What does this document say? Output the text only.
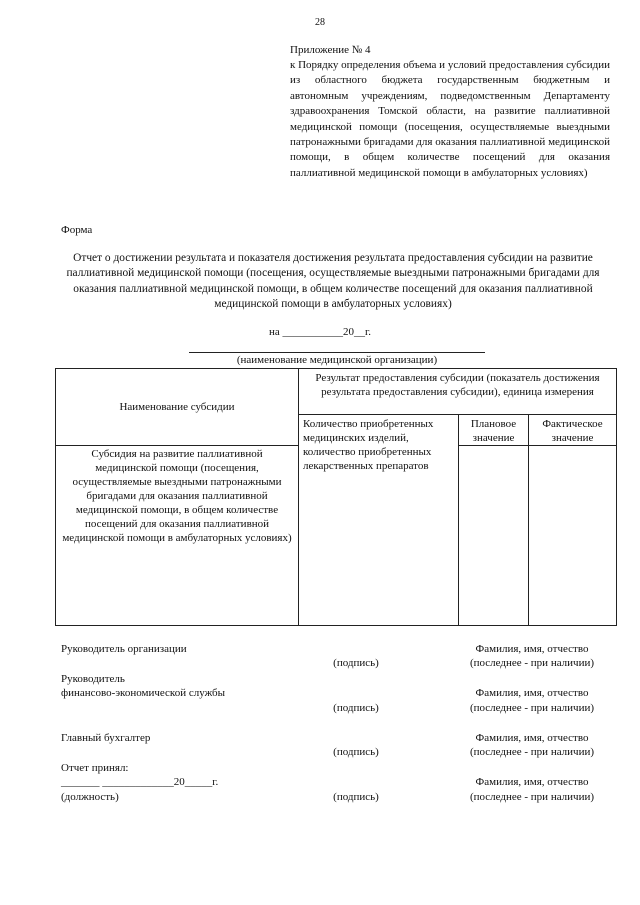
28
Приложение № 4
к Порядку определения объема и условий предоставления субсидии из областного бюджета государственным бюджетным и автономным учреждениям, подведомственным Департаменту здравоохранения Томской области, на развитие паллиативной медицинской помощи (посещения, осуществляемые выездными патронажными бригадами для оказания паллиативной медицинской помощи, в общем количестве посещений для оказания паллиативной медицинской помощи в амбулаторных условиях)
Форма
Отчет о достижении результата и показателя достижения результата предоставления субсидии на развитие паллиативной медицинской помощи (посещения, осуществляемые выездными патронажными бригадами для оказания паллиативной медицинской помощи, в общем количестве посещений для оказания паллиативной медицинской помощи в амбулаторных условиях)
на ___________20__г.
(наименование медицинской организации)
Наименование субсидии	Результат предоставления субсидии (показатель достижения результата предоставления субсидии), единица измерения		
	Количество приобретенных медицинских изделий, количество приобретенных лекарственных препаратов	Плановое значение	Фактическое значение
Субсидия на развитие паллиативной медицинской помощи (посещения, осуществляемые выездными патронажными бригадами для оказания паллиативной медицинской помощи, в общем количестве посещений для оказания паллиативной медицинской помощи в амбулаторных условиях)			
Руководитель организации	Фамилия, имя, отчество
(подпись)	(последнее - при наличии)
Руководитель
финансово-экономической службы	Фамилия, имя, отчество
(подпись)	(последнее - при наличии)
Главный бухгалтер	Фамилия, имя, отчество
(подпись)	(последнее - при наличии)
Отчет принял:
_______ _____________20_____г.	Фамилия, имя, отчество
(должность)	(подпись)	(последнее - при наличии)
